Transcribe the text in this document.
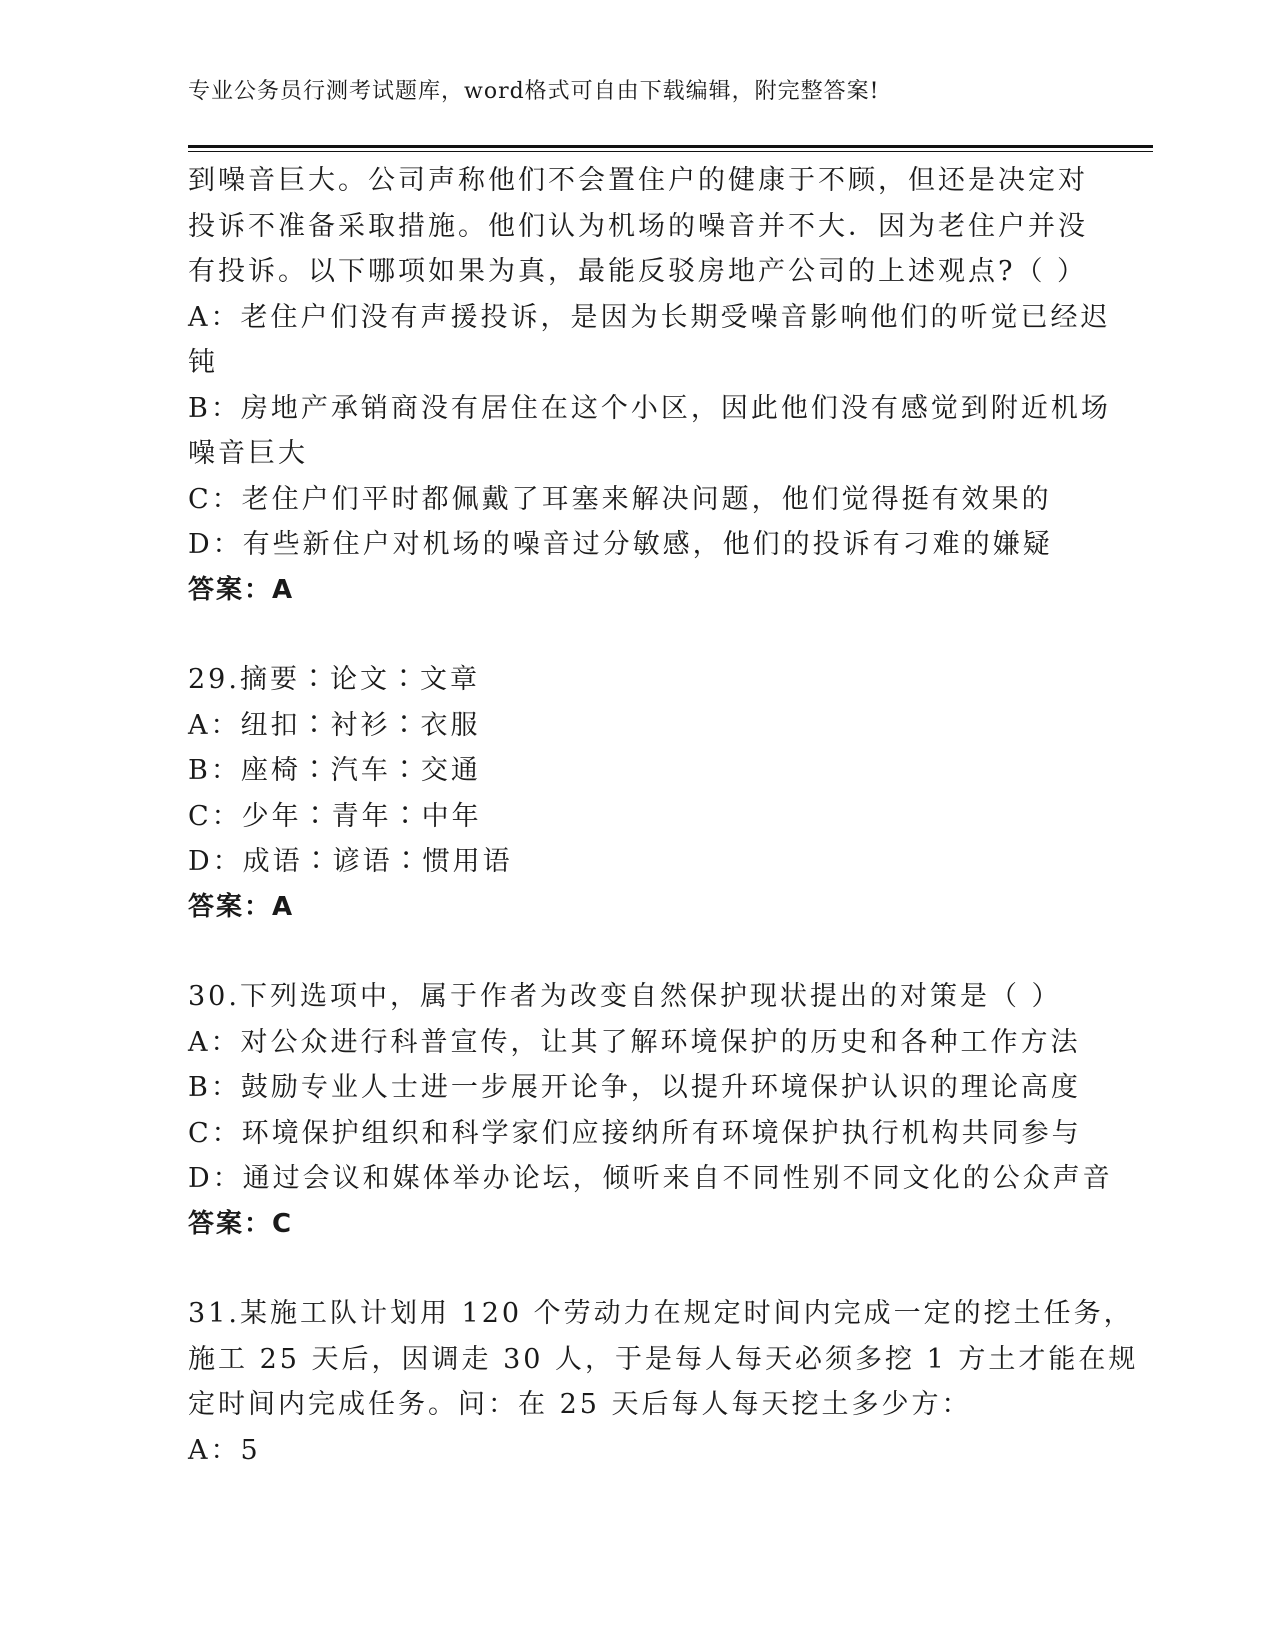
专业公务员行测考试题库，word格式可自由下载编辑，附完整答案!
到噪音巨大。公司声称他们不会置住户的健康于不顾，但还是决定对
投诉不准备采取措施。他们认为机场的噪音并不大．因为老住户并没
有投诉。以下哪项如果为真，最能反驳房地产公司的上述观点?（ ）
A：老住户们没有声援投诉，是因为长期受噪音影响他们的听觉已经迟
钝
B：房地产承销商没有居住在这个小区，因此他们没有感觉到附近机场
噪音巨大
C：老住户们平时都佩戴了耳塞来解决问题，他们觉得挺有效果的
D：有些新住户对机场的噪音过分敏感，他们的投诉有刁难的嫌疑
答案：A
29.摘要∶论文∶文章
A：纽扣∶衬衫∶衣服
B：座椅∶汽车∶交通
C：少年∶青年∶中年
D：成语∶谚语∶惯用语
答案：A
30.下列选项中，属于作者为改变自然保护现状提出的对策是（ ）
A：对公众进行科普宣传，让其了解环境保护的历史和各种工作方法
B：鼓励专业人士进一步展开论争，以提升环境保护认识的理论高度
C：环境保护组织和科学家们应接纳所有环境保护执行机构共同参与
D：通过会议和媒体举办论坛，倾听来自不同性别不同文化的公众声音
答案：C
31.某施工队计划用 120 个劳动力在规定时间内完成一定的挖土任务，
施工 25 天后，因调走 30 人，于是每人每天必须多挖 1 方土才能在规
定时间内完成任务。问：在 25 天后每人每天挖土多少方：
A：5
